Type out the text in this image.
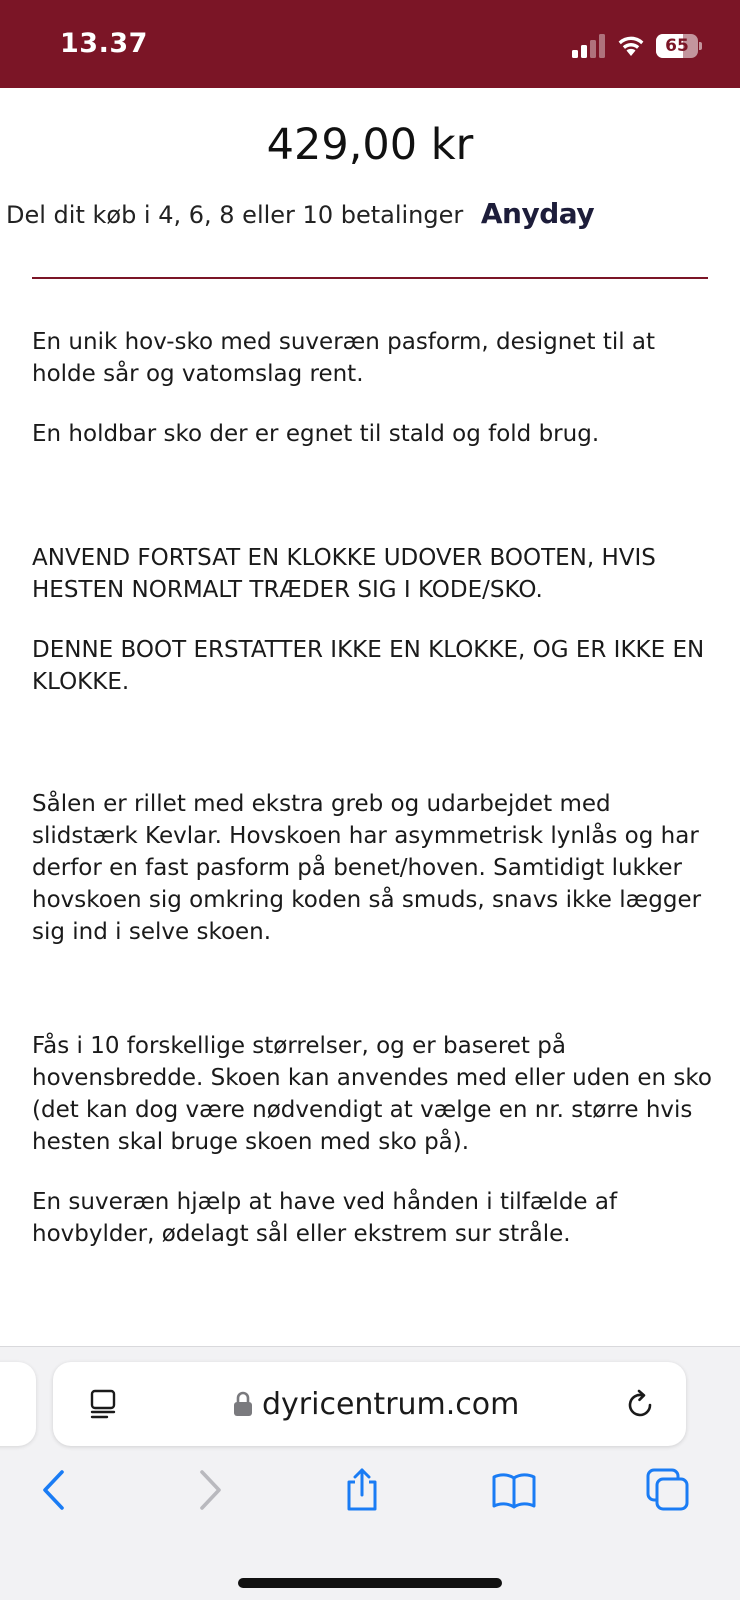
13.37	65
429,00 kr
Del dit køb i 4, 6, 8 eller 10 betalinger Anyday

En unik hov-sko med suveræn pasform, designet til at holde sår og vatomslag rent.

En holdbar sko der er egnet til stald og fold brug.

ANVEND FORTSAT EN KLOKKE UDOVER BOOTEN, HVIS HESTEN NORMALT TRÆDER SIG I KODE/SKO.

DENNE BOOT ERSTATTER IKKE EN KLOKKE, OG ER IKKE EN KLOKKE.

Sålen er rillet med ekstra greb og udarbejdet med slidstærk Kevlar. Hovskoen har asymmetrisk lynlås og har derfor en fast pasform på benet/hoven. Samtidigt lukker hovskoen sig omkring koden så smuds, snavs ikke lægger sig ind i selve skoen.

Fås i 10 forskellige størrelser, og er baseret på hovensbredde. Skoen kan anvendes med eller uden en sko (det kan dog være nødvendigt at vælge en nr. større hvis hesten skal bruge skoen med sko på).

En suveræn hjælp at have ved hånden i tilfælde af hovbylder, ødelagt sål eller ekstrem sur stråle.

dyricentrum.com
